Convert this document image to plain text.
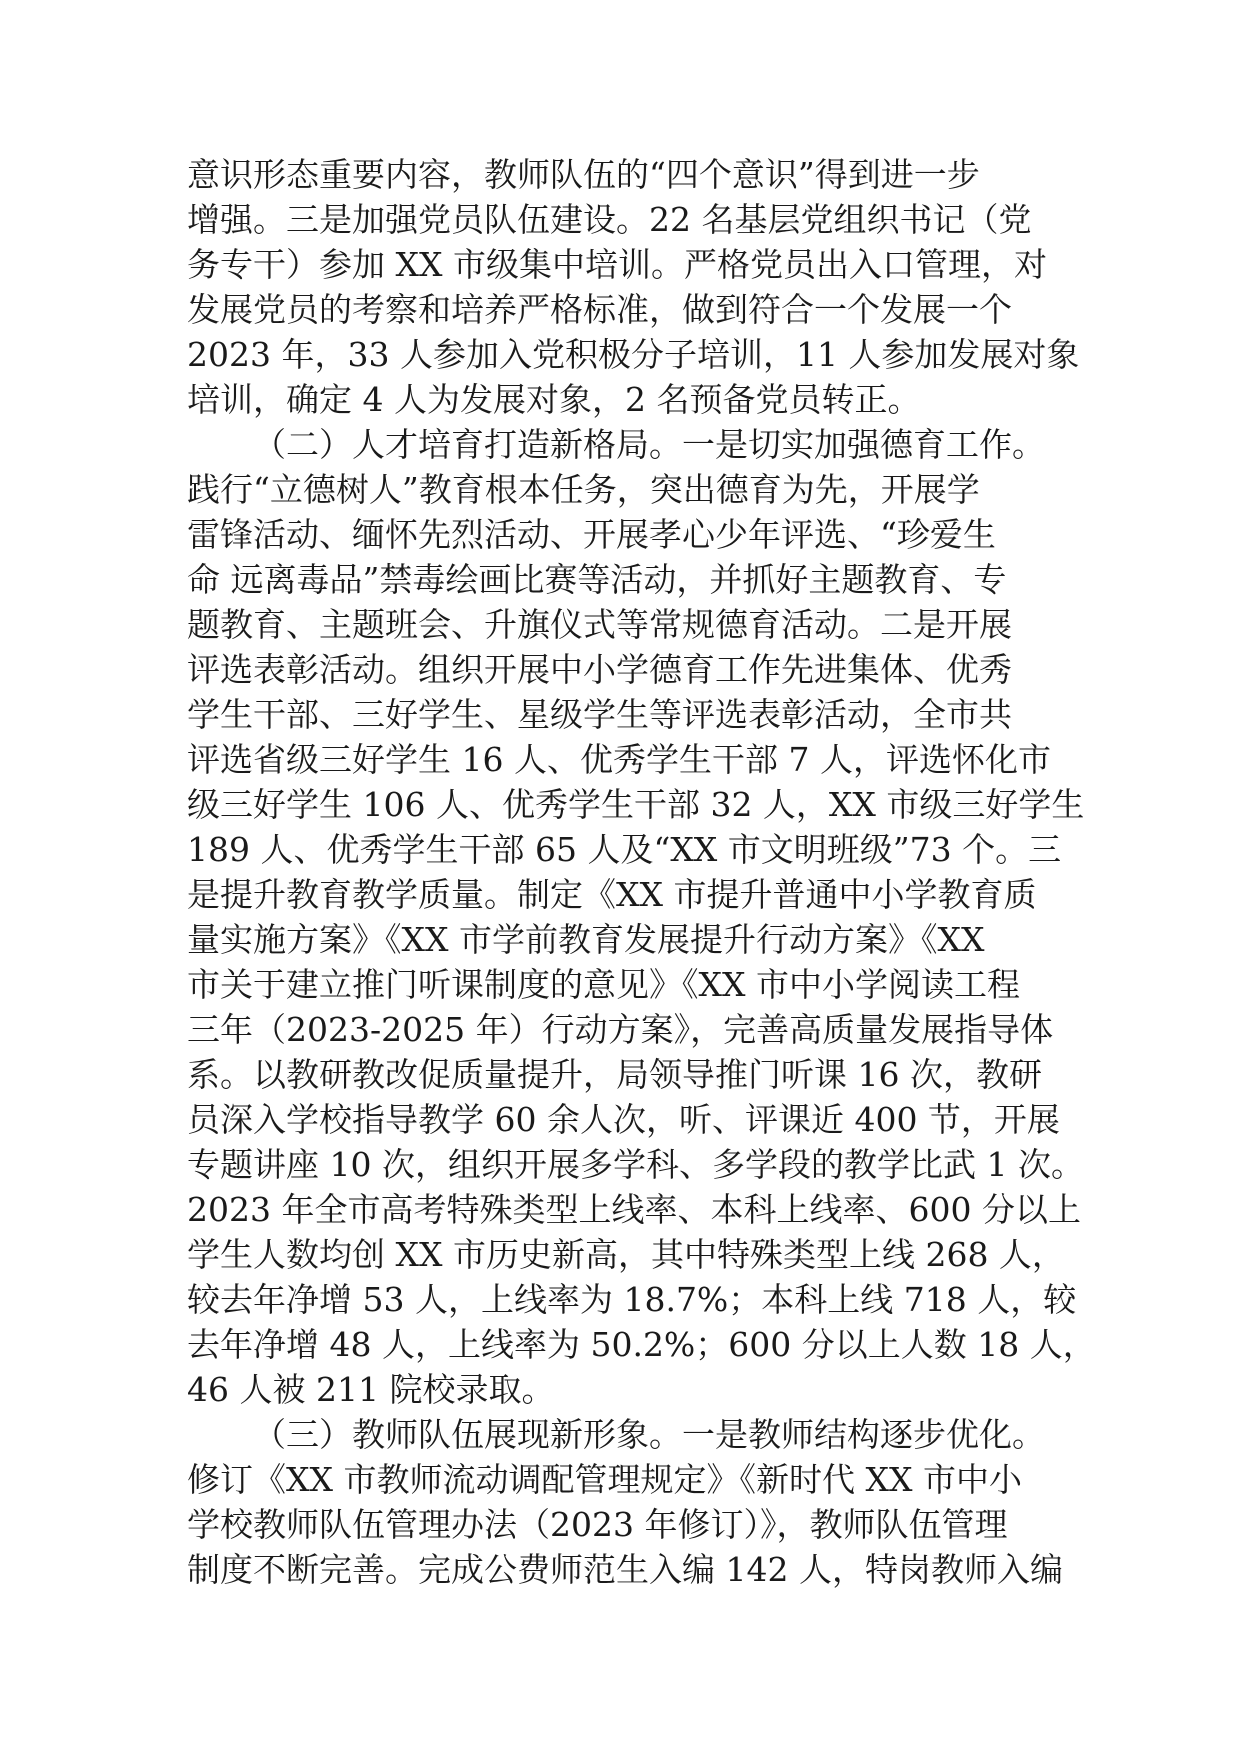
意识形态重要内容，教师队伍的“四个意识”得到进一步
增强。三是加强党员队伍建设。22 名基层党组织书记（党
务专干）参加 XX 市级集中培训。严格党员出入口管理，对
发展党员的考察和培养严格标准，做到符合一个发展一个
2023 年，33 人参加入党积极分子培训，11 人参加发展对象
培训，确定 4 人为发展对象，2 名预备党员转正。
（二）人才培育打造新格局。一是切实加强德育工作。
践行“立德树人”教育根本任务，突出德育为先，开展学
雷锋活动、缅怀先烈活动、开展孝心少年评选、“珍爱生
命 远离毒品”禁毒绘画比赛等活动，并抓好主题教育、专
题教育、主题班会、升旗仪式等常规德育活动。二是开展
评选表彰活动。组织开展中小学德育工作先进集体、优秀
学生干部、三好学生、星级学生等评选表彰活动，全市共
评选省级三好学生 16 人、优秀学生干部 7 人，评选怀化市
级三好学生 106 人、优秀学生干部 32 人，XX 市级三好学生
189 人、优秀学生干部 65 人及“XX 市文明班级”73 个。三
是提升教育教学质量。制定《XX 市提升普通中小学教育质
量实施方案》《XX 市学前教育发展提升行动方案》《XX
市关于建立推门听课制度的意见》《XX 市中小学阅读工程
三年（2023-2025 年）行动方案》，完善高质量发展指导体
系。以教研教改促质量提升，局领导推门听课 16 次，教研
员深入学校指导教学 60 余人次，听、评课近 400 节，开展
专题讲座 10 次，组织开展多学科、多学段的教学比武 1 次。
2023 年全市高考特殊类型上线率、本科上线率、600 分以上
学生人数均创 XX 市历史新高，其中特殊类型上线 268 人，
较去年净增 53 人，上线率为 18.7%；本科上线 718 人，较
去年净增 48 人，上线率为 50.2%；600 分以上人数 18 人，
46 人被 211 院校录取。
（三）教师队伍展现新形象。一是教师结构逐步优化。
修订《XX 市教师流动调配管理规定》《新时代 XX 市中小
学校教师队伍管理办法（2023 年修订）》，教师队伍管理
制度不断完善。完成公费师范生入编 142 人，特岗教师入编
